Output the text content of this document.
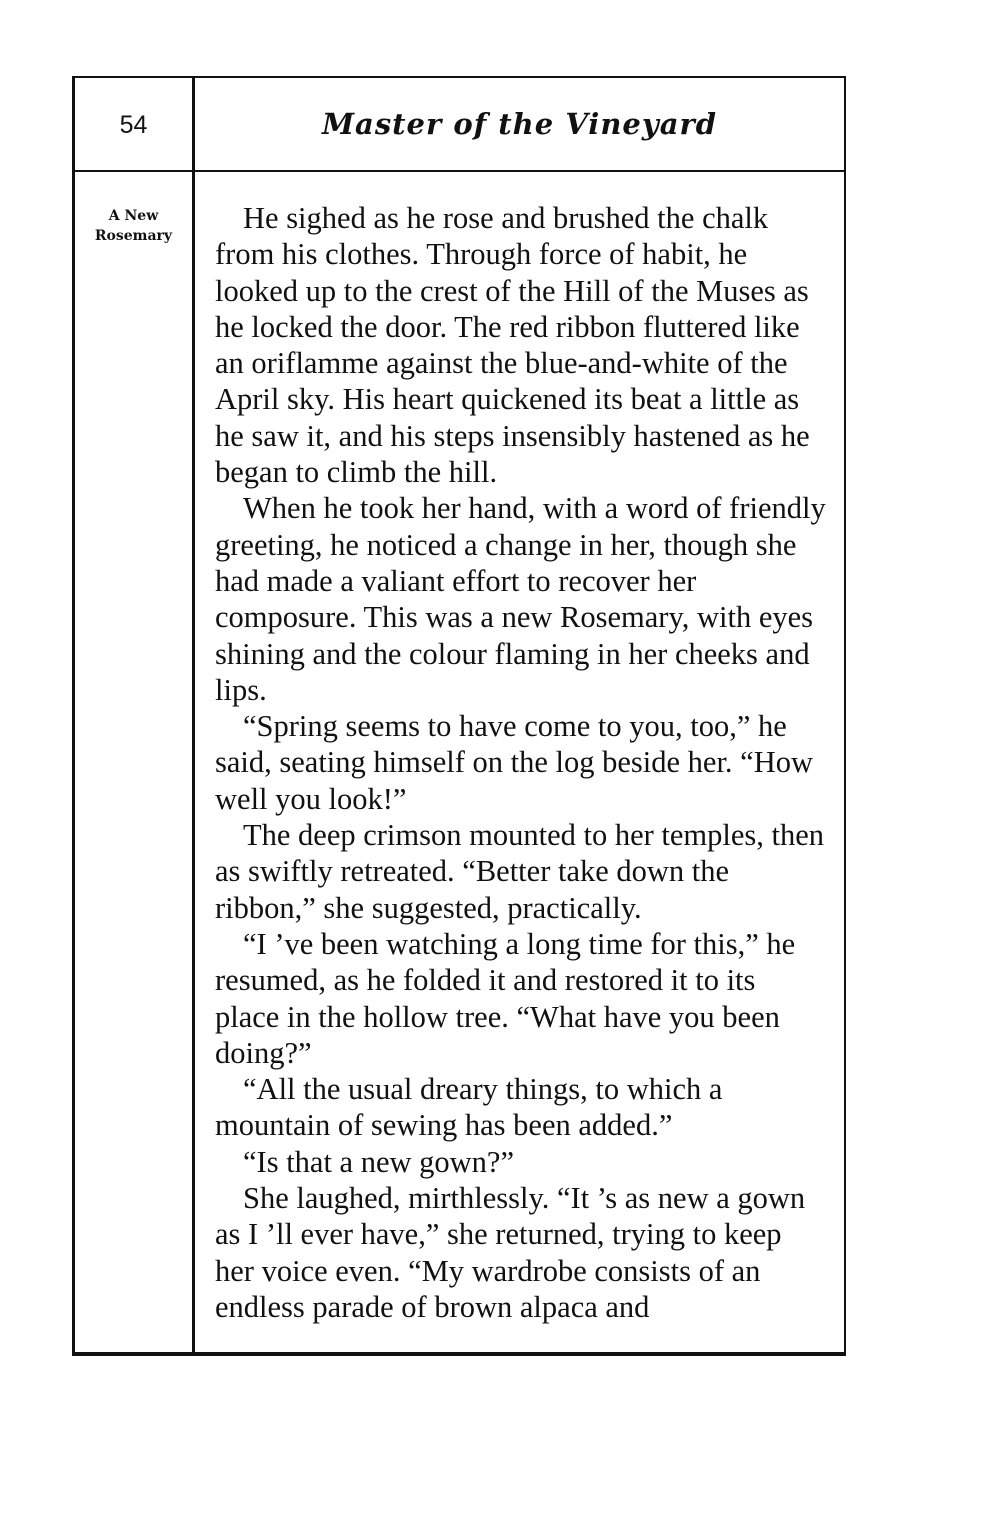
54	Master of the Vineyard
A New
Rosemary

He sighed as he rose and brushed the chalk from his clothes. Through force of habit, he looked up to the crest of the Hill of the Muses as he locked the door. The red ribbon fluttered like an oriflamme against the blue-and-white of the April sky. His heart quickened its beat a little as he saw it, and his steps insensibly hastened as he began to climb the hill.

When he took her hand, with a word of friendly greeting, he noticed a change in her, though she had made a valiant effort to recover her composure. This was a new Rosemary, with eyes shining and the colour flaming in her cheeks and lips.

“Spring seems to have come to you, too,” he said, seating himself on the log beside her. “How well you look!”

The deep crimson mounted to her temples, then as swiftly retreated. “Better take down the ribbon,” she suggested, practically.

“I ’ve been watching a long time for this,” he resumed, as he folded it and restored it to its place in the hollow tree. “What have you been doing?”

“All the usual dreary things, to which a mountain of sewing has been added.”

“Is that a new gown?”

She laughed, mirthlessly. “It ’s as new a gown as I ’ll ever have,” she returned, trying to keep her voice even. “My wardrobe consists of an endless parade of brown alpaca and
